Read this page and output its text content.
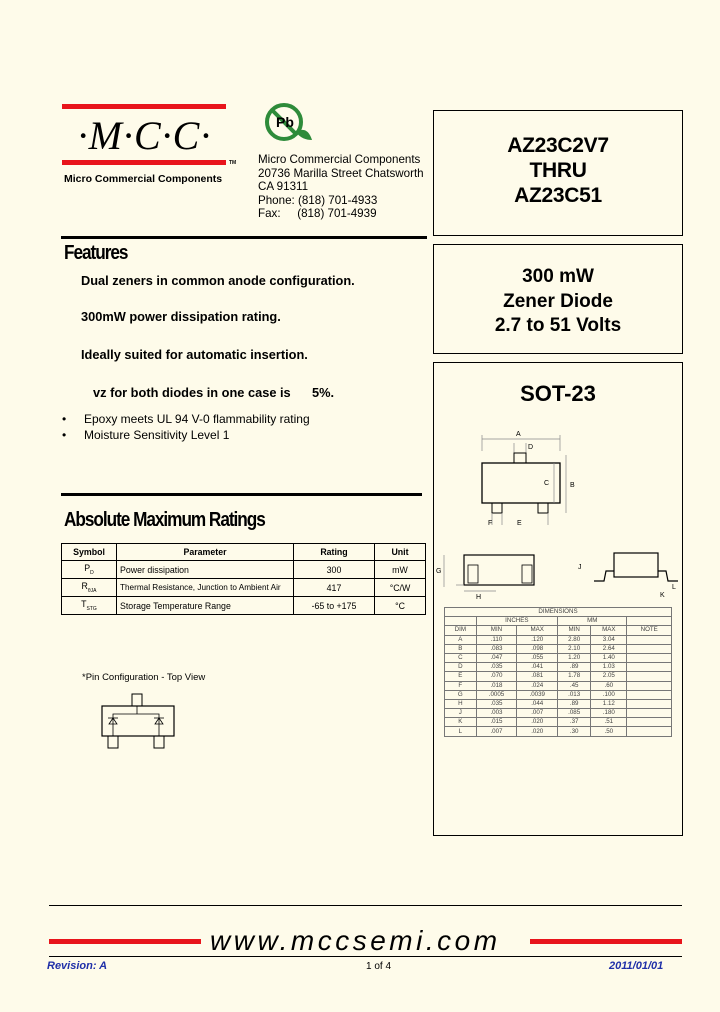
·M·C·C·
TM
Micro Commercial Components
Pb
Micro Commercial Components
20736 Marilla Street Chatsworth
CA 91311
Phone: (818) 701-4933
Fax: (818) 701-4939
AZ23C2V7
THRU
AZ23C51
300 mW
Zener Diode
2.7 to 51 Volts
SOT-23
A
D
B
C
F	E
G
H
J
L
K
DIMENSIONS					
	INCHES		MM		
DIM	MIN	MAX	MIN	MAX	NOTE
A	.110	.120	2.80	3.04	
B	.083	.098	2.10	2.64	
C	.047	.055	1.20	1.40	
D	.035	.041	.89	1.03	
E	.070	.081	1.78	2.05	
F	.018	.024	.45	.60	
G	.0005	.0039	.013	.100	
H	.035	.044	.89	1.12	
J	.003	.007	.085	.180	
K	.015	.020	.37	.51	
L	.007	.020	.30	.50	
Features
Dual zeners in common anode configuration.
300mW power dissipation rating.
Ideally suited for automatic insertion.
vz for both diodes in one case is      5%.
• Epoxy meets UL 94 V-0 flammability rating
• Moisture Sensitivity Level 1
Absolute Maximum Ratings
Symbol	Parameter	Rating	Unit
$P_D$	Power dissipation	300	mW
$R_{\theta JA}$	Thermal Resistance, Junction to Ambient Air	417	°C/W
$T_{STG}$	Storage Temperature Range	-65 to +175	°C
*Pin Configuration - Top View
www.mccsemi.com
Revision: A	1 of 4	2011/01/01
